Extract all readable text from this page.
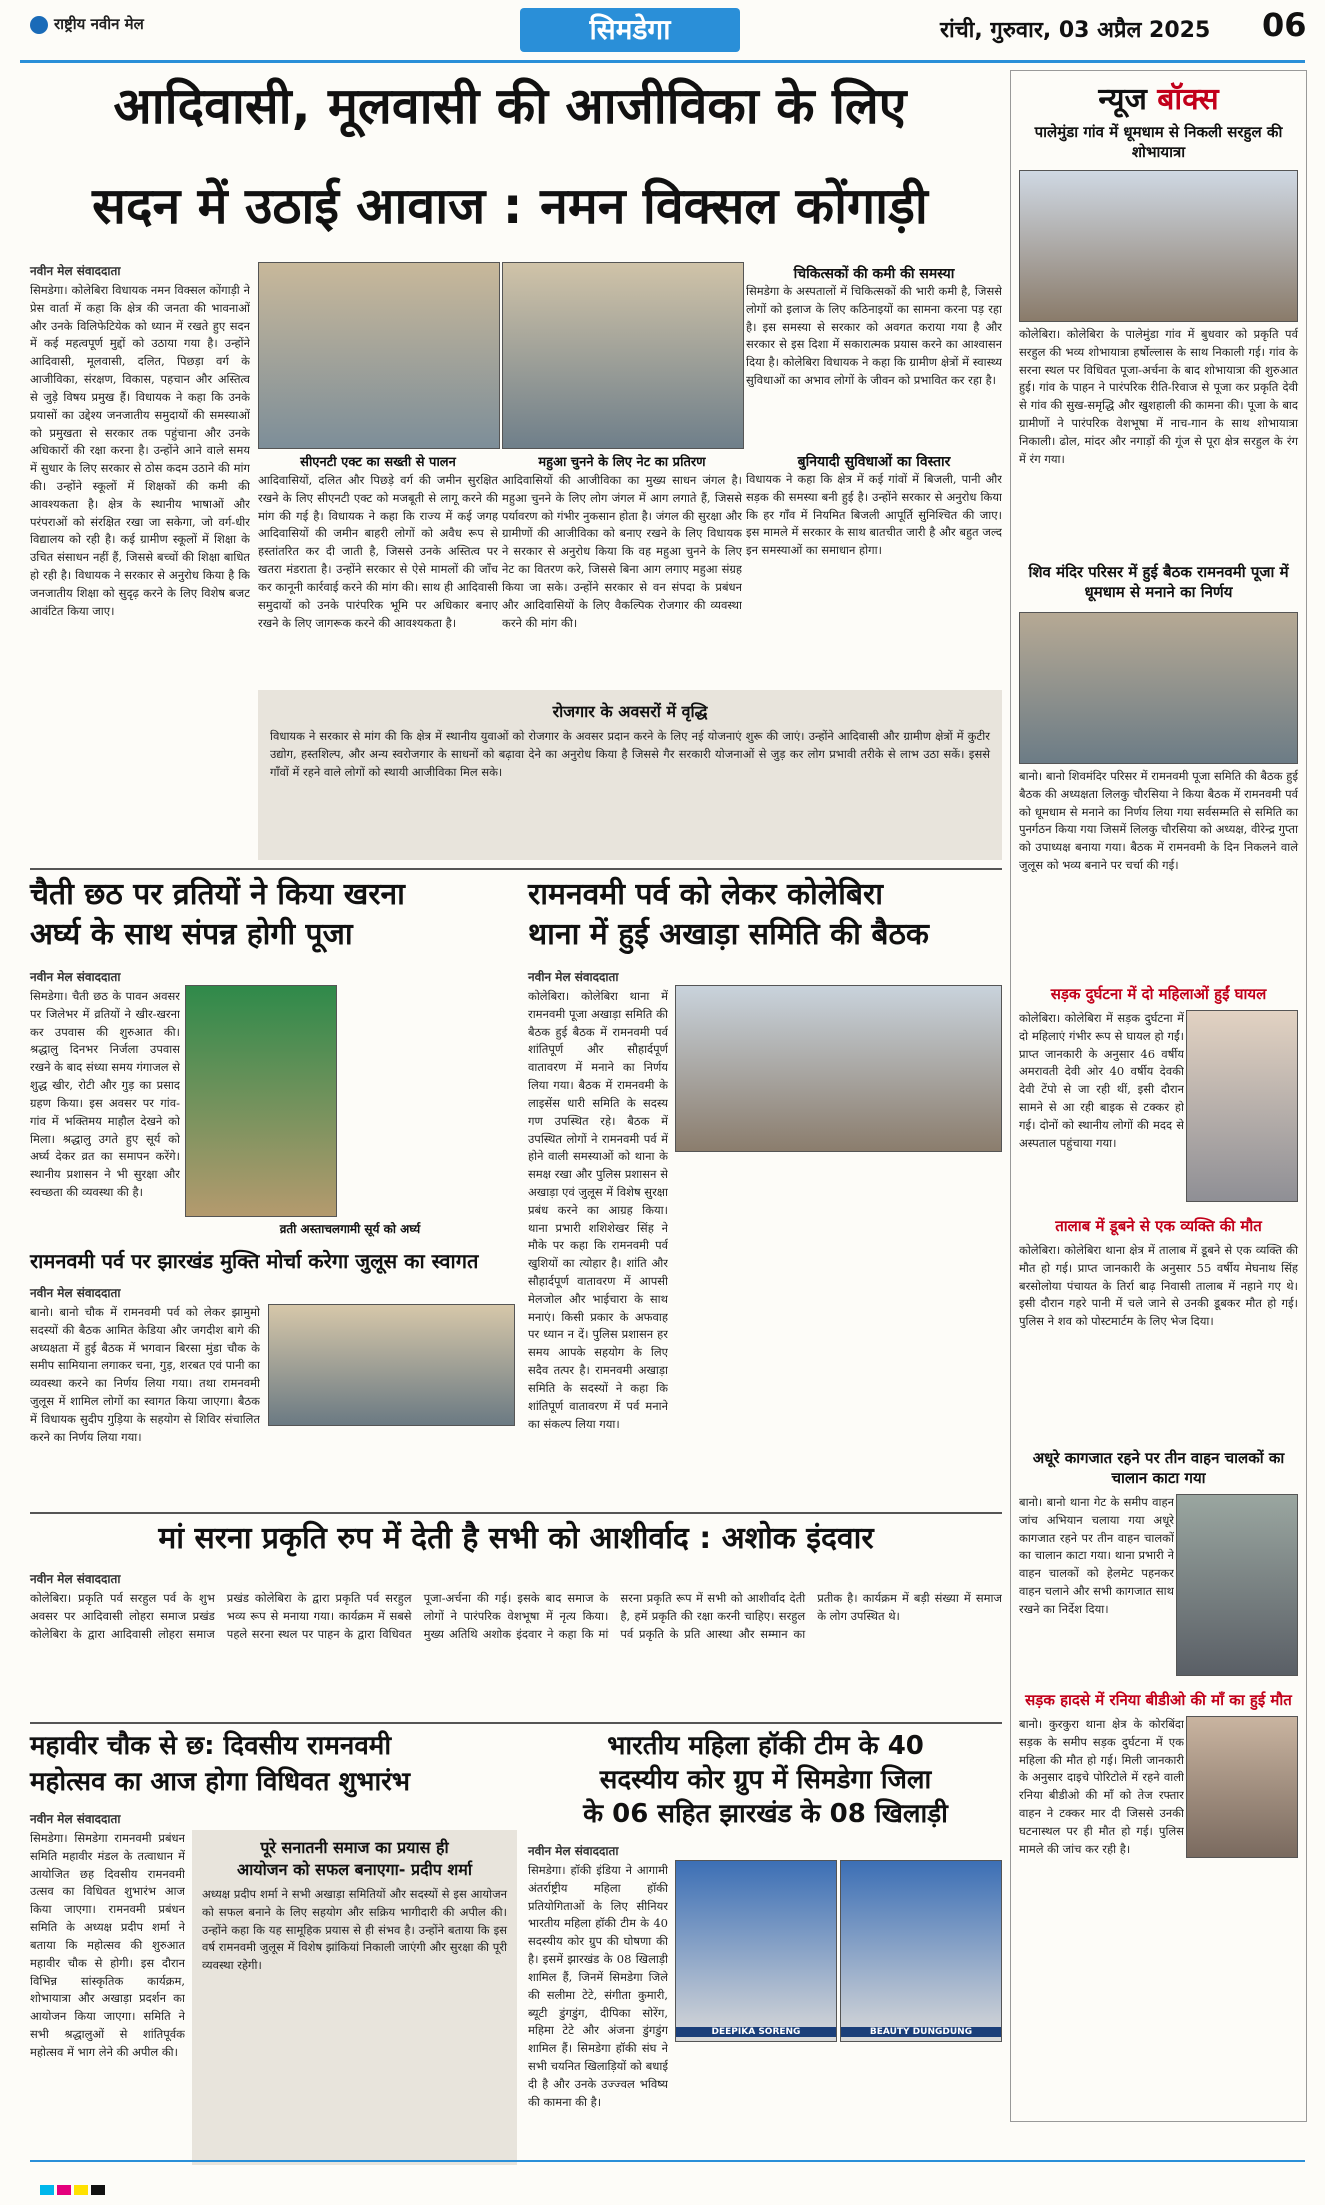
राष्ट्रीय नवीन मेल	सिमडेगा	रांची, गुरुवार, 03 अप्रैल 2025 06
आदिवासी, मूलवासी की आजीविका के लिए
सदन में उठाई आवाज : नमन विक्सल कोंगाड़ी
नवीन मेल संवाददाता
सिमडेगा। कोलेबिरा विधायक नमन विक्सल कोंगाड़ी ने प्रेस वार्ता में कहा कि क्षेत्र की जनता की भावनाओं और उनके विलिफेटियेक को ध्यान में रखते हुए सदन में कई महत्वपूर्ण मुद्दों को उठाया गया है। उन्होंने आदिवासी, मूलवासी, दलित, पिछड़ा वर्ग के आजीविका, संरक्षण, विकास, पहचान और अस्तित्व से जुड़े विषय प्रमुख हैं। विधायक ने कहा कि उनके प्रयासों का उद्देश्य जनजातीय समुदायों की समस्याओं को प्रमुखता से सरकार तक पहुंचाना और उनके अधिकारों की रक्षा करना है। उन्होंने आने वाले समय में सुधार के लिए सरकार से ठोस कदम उठाने की मांग की। उन्होंने स्कूलों में शिक्षकों की कमी की आवश्यकता है। क्षेत्र के स्थानीय भाषाओं और परंपराओं को संरक्षित रखा जा सकेगा, जो वर्ग-धीर विद्यालय को रही है। कई ग्रामीण स्कूलों में शिक्षा के उचित संसाधन नहीं हैं, जिससे बच्चों की शिक्षा बाधित हो रही है। विधायक ने सरकार से अनुरोध किया है कि जनजातीय शिक्षा को सुदृढ़ करने के लिए विशेष बजट आवंटित किया जाए।
सीएनटी एक्ट का सख्ती से पालन
आदिवासियों, दलित और पिछड़े वर्ग की जमीन सुरक्षित रखने के लिए सीएनटी एक्ट को मजबूती से लागू करने की मांग की गई है। विधायक ने कहा कि राज्य में कई जगह आदिवासियों की जमीन बाहरी लोगों को अवैध रूप से हस्तांतरित कर दी जाती है, जिससे उनके अस्तित्व पर खतरा मंडराता है। उन्होंने सरकार से ऐसे मामलों की जाँच कर कानूनी कार्रवाई करने की मांग की। साथ ही आदिवासी समुदायों को उनके पारंपरिक भूमि पर अधिकार बनाए रखने के लिए जागरूक करने की आवश्यकता है।
महुआ चुनने के लिए नेट का प्रतिरण
आदिवासियों की आजीविका का मुख्य साधन जंगल है। महुआ चुनने के लिए लोग जंगल में आग लगाते हैं, जिससे पर्यावरण को गंभीर नुकसान होता है। जंगल की सुरक्षा और ग्रामीणों की आजीविका को बनाए रखने के लिए विधायक ने सरकार से अनुरोध किया कि वह महुआ चुनने के लिए नेट का वितरण करे, जिससे बिना आग लगाए महुआ संग्रह किया जा सके। उन्होंने सरकार से वन संपदा के प्रबंधन और आदिवासियों के लिए वैकल्पिक रोजगार की व्यवस्था करने की मांग की।
चिकित्सकों की कमी की समस्या
सिमडेगा के अस्पतालों में चिकित्सकों की भारी कमी है, जिससे लोगों को इलाज के लिए कठिनाइयों का सामना करना पड़ रहा है। इस समस्या से सरकार को अवगत कराया गया है और सरकार से इस दिशा में सकारात्मक प्रयास करने का आश्वासन दिया है। कोलेबिरा विधायक ने कहा कि ग्रामीण क्षेत्रों में स्वास्थ्य सुविधाओं का अभाव लोगों के जीवन को प्रभावित कर रहा है।
बुनियादी सुविधाओं का विस्तार
विधायक ने कहा कि क्षेत्र में कई गांवों में बिजली, पानी और सड़क की समस्या बनी हुई है। उन्होंने सरकार से अनुरोध किया कि हर गाँव में नियमित बिजली आपूर्ति सुनिश्चित की जाए। इस मामले में सरकार के साथ बातचीत जारी है और बहुत जल्द इन समस्याओं का समाधान होगा।
रोजगार के अवसरों में वृद्धि
विधायक ने सरकार से मांग की कि क्षेत्र में स्थानीय युवाओं को रोजगार के अवसर प्रदान करने के लिए नई योजनाएं शुरू की जाएं। उन्होंने आदिवासी और ग्रामीण क्षेत्रों में कुटीर उद्योग, हस्तशिल्प, और अन्य स्वरोजगार के साधनों को बढ़ावा देने का अनुरोध किया है जिससे गैर सरकारी योजनाओं से जुड़ कर लोग प्रभावी तरीके से लाभ उठा सकें। इससे गाँवों में रहने वाले लोगों को स्थायी आजीविका मिल सके।
न्यूज बॉक्स
पालेमुंडा गांव में धूमधाम से निकली सरहुल की शोभायात्रा
कोलेबिरा। कोलेबिरा के पालेमुंडा गांव में बुधवार को प्रकृति पर्व सरहुल की भव्य शोभायात्रा हर्षोल्लास के साथ निकाली गई। गांव के सरना स्थल पर विधिवत पूजा-अर्चना के बाद शोभायात्रा की शुरुआत हुई। गांव के पाहन ने पारंपरिक रीति-रिवाज से पूजा कर प्रकृति देवी से गांव की सुख-समृद्धि और खुशहाली की कामना की। पूजा के बाद ग्रामीणों ने पारंपरिक वेशभूषा में नाच-गान के साथ शोभायात्रा निकाली। ढोल, मांदर और नगाड़ों की गूंज से पूरा क्षेत्र सरहुल के रंग में रंग गया।
शिव मंदिर परिसर में हुई बैठक रामनवमी पूजा में धूमधाम से मनाने का निर्णय
बानो। बानो शिवमंदिर परिसर में रामनवमी पूजा समिति की बैठक हुई बैठक की अध्यक्षता लिलकु चौरसिया ने किया बैठक में रामनवमी पर्व को धूमधाम से मनाने का निर्णय लिया गया सर्वसम्मति से समिति का पुनर्गठन किया गया जिसमें लिलकु चौरसिया को अध्यक्ष, वीरेन्द्र गुप्ता को उपाध्यक्ष बनाया गया। बैठक में रामनवमी के दिन निकलने वाले जुलूस को भव्य बनाने पर चर्चा की गई।
सड़क दुर्घटना में दो महिलाओं हुईं घायल
कोलेबिरा। कोलेबिरा में सड़क दुर्घटना में दो महिलाएं गंभीर रूप से घायल हो गईं। प्राप्त जानकारी के अनुसार 46 वर्षीय अमरावती देवी ओर 40 वर्षीय देवकी देवी टेंपो से जा रही थीं, इसी दौरान सामने से आ रही बाइक से टक्कर हो गई। दोनों को स्थानीय लोगों की मदद से अस्पताल पहुंचाया गया।
तालाब में डूबने से एक व्यक्ति की मौत
कोलेबिरा। कोलेबिरा थाना क्षेत्र में तालाब में डूबने से एक व्यक्ति की मौत हो गई। प्राप्त जानकारी के अनुसार 55 वर्षीय मेघनाथ सिंह बरसोलोया पंचायत के तिर्रा बाढ़ निवासी तालाब में नहाने गए थे। इसी दौरान गहरे पानी में चले जाने से उनकी डूबकर मौत हो गई। पुलिस ने शव को पोस्टमार्टम के लिए भेज दिया।
अधूरे कागजात रहने पर तीन वाहन चालकों का चालान काटा गया
बानो। बानो थाना गेट के समीप वाहन जांच अभियान चलाया गया अधूरे कागजात रहने पर तीन वाहन चालकों का चालान काटा गया। थाना प्रभारी ने वाहन चालकों को हेलमेट पहनकर वाहन चलाने और सभी कागजात साथ रखने का निर्देश दिया।
सड़क हादसे में रनिया बीडीओ की माँ का हुई मौत
बानो। कुरकुरा थाना क्षेत्र के कोरबिंदा सड़क के समीप सड़क दुर्घटना में एक महिला की मौत हो गई। मिली जानकारी के अनुसार दाइचे पोरिटोले में रहने वाली रनिया बीडीओ की माँ को तेज रफ्तार वाहन ने टक्कर मार दी जिससे उनकी घटनास्थल पर ही मौत हो गई। पुलिस मामले की जांच कर रही है।
चैती छठ पर व्रतियों ने किया खरना
अर्घ्य के साथ संपन्न होगी पूजा
नवीन मेल संवाददाता
सिमडेगा। चैती छठ के पावन अवसर पर जिलेभर में व्रतियों ने खीर-खरना कर उपवास की शुरुआत की। श्रद्धालु दिनभर निर्जला उपवास रखने के बाद संध्या समय गंगाजल से शुद्ध खीर, रोटी और गुड़ का प्रसाद ग्रहण किया। इस अवसर पर गांव-गांव में भक्तिमय माहौल देखने को मिला। श्रद्धालु उगते हुए सूर्य को अर्घ्य देकर व्रत का समापन करेंगे। स्थानीय प्रशासन ने भी सुरक्षा और स्वच्छता की व्यवस्था की है।
व्रती अस्ताचलगामी सूर्य को अर्घ्य
रामनवमी पर्व पर झारखंड मुक्ति मोर्चा करेगा जुलूस का स्वागत
नवीन मेल संवाददाता
बानो। बानो चौक में रामनवमी पर्व को लेकर झामुमो सदस्यों की बैठक आमित केडिया और जगदीश बागे की अध्यक्षता में हुई बैठक में भगवान बिरसा मुंडा चौक के समीप सामियाना लगाकर चना, गुड़, शरबत एवं पानी का व्यवस्था करने का निर्णय लिया गया। तथा रामनवमी जुलूस में शामिल लोगों का स्वागत किया जाएगा। बैठक में विधायक सुदीप गुड़िया के सहयोग से शिविर संचालित करने का निर्णय लिया गया।
रामनवमी पर्व को लेकर कोलेबिरा
थाना में हुई अखाड़ा समिति की बैठक
नवीन मेल संवाददाता
कोलेबिरा। कोलेबिरा थाना में रामनवमी पूजा अखाड़ा समिति की बैठक हुई बैठक में रामनवमी पर्व शांतिपूर्ण और सौहार्दपूर्ण वातावरण में मनाने का निर्णय लिया गया। बैठक में रामनवमी के लाइसेंस धारी समिति के सदस्य गण उपस्थित रहे। बैठक में उपस्थित लोगों ने रामनवमी पर्व में होने वाली समस्याओं को थाना के समक्ष रखा और पुलिस प्रशासन से अखाड़ा एवं जुलूस में विशेष सुरक्षा प्रबंध करने का आग्रह किया। थाना प्रभारी शशिशेखर सिंह ने मौके पर कहा कि रामनवमी पर्व खुशियों का त्योहार है। शांति और सौहार्दपूर्ण वातावरण में आपसी मेलजोल और भाईचारा के साथ मनाएं। किसी प्रकार के अफवाह पर ध्यान न दें। पुलिस प्रशासन हर समय आपके सहयोग के लिए सदैव तत्पर है। रामनवमी अखाड़ा समिति के सदस्यों ने कहा कि शांतिपूर्ण वातावरण में पर्व मनाने का संकल्प लिया गया।
मां सरना प्रकृति रुप में देती है सभी को आशीर्वाद : अशोक इंदवार
नवीन मेल संवाददाता
कोलेबिरा। प्रकृति पर्व सरहुल पर्व के शुभ अवसर पर आदिवासी लोहरा समाज प्रखंड कोलेबिरा के द्वारा आदिवासी लोहरा समाज प्रखंड कोलेबिरा के द्वारा प्रकृति पर्व सरहुल भव्य रूप से मनाया गया। कार्यक्रम में सबसे पहले सरना स्थल पर पाहन के द्वारा विधिवत पूजा-अर्चना की गई। इसके बाद समाज के लोगों ने पारंपरिक वेशभूषा में नृत्य किया। मुख्य अतिथि अशोक इंदवार ने कहा कि मां सरना प्रकृति रूप में सभी को आशीर्वाद देती है, हमें प्रकृति की रक्षा करनी चाहिए। सरहुल पर्व प्रकृति के प्रति आस्था और सम्मान का प्रतीक है। कार्यक्रम में बड़ी संख्या में समाज के लोग उपस्थित थे।
महावीर चौक से छ: दिवसीय रामनवमी
महोत्सव का आज होगा विधिवत शुभारंभ
नवीन मेल संवाददाता
सिमडेगा। सिमडेगा रामनवमी प्रबंधन समिति महावीर मंडल के तत्वाधान में आयोजित छह दिवसीय रामनवमी उत्सव का विधिवत शुभारंभ आज किया जाएगा। रामनवमी प्रबंधन समिति के अध्यक्ष प्रदीप शर्मा ने बताया कि महोत्सव की शुरुआत महावीर चौक से होगी। इस दौरान विभिन्न सांस्कृतिक कार्यक्रम, शोभायात्रा और अखाड़ा प्रदर्शन का आयोजन किया जाएगा। समिति ने सभी श्रद्धालुओं से शांतिपूर्वक महोत्सव में भाग लेने की अपील की।
पूरे सनातनी समाज का प्रयास ही
आयोजन को सफल बनाएगा- प्रदीप शर्मा
अध्यक्ष प्रदीप शर्मा ने सभी अखाड़ा समितियों और सदस्यों से इस आयोजन को सफल बनाने के लिए सहयोग और सक्रिय भागीदारी की अपील की। उन्होंने कहा कि यह सामूहिक प्रयास से ही संभव है। उन्होंने बताया कि इस वर्ष रामनवमी जुलूस में विशेष झांकियां निकाली जाएंगी और सुरक्षा की पूरी व्यवस्था रहेगी।
भारतीय महिला हॉकी टीम के 40
सदस्यीय कोर ग्रुप में सिमडेगा जिला
के 06 सहित झारखंड के 08 खिलाड़ी
नवीन मेल संवाददाता
सिमडेगा। हॉकी इंडिया ने आगामी अंतर्राष्ट्रीय महिला हॉकी प्रतियोगिताओं के लिए सीनियर भारतीय महिला हॉकी टीम के 40 सदस्यीय कोर ग्रुप की घोषणा की है। इसमें झारखंड के 08 खिलाड़ी शामिल हैं, जिनमें सिमडेगा जिले की सलीमा टेटे, संगीता कुमारी, ब्यूटी डुंगडुंग, दीपिका सोरेंग, महिमा टेटे और अंजना डुंगडुंग शामिल हैं। सिमडेगा हॉकी संघ ने सभी चयनित खिलाड़ियों को बधाई दी है और उनके उज्ज्वल भविष्य की कामना की है।
DEEPIKA SORENG	BEAUTY DUNGDUNG
